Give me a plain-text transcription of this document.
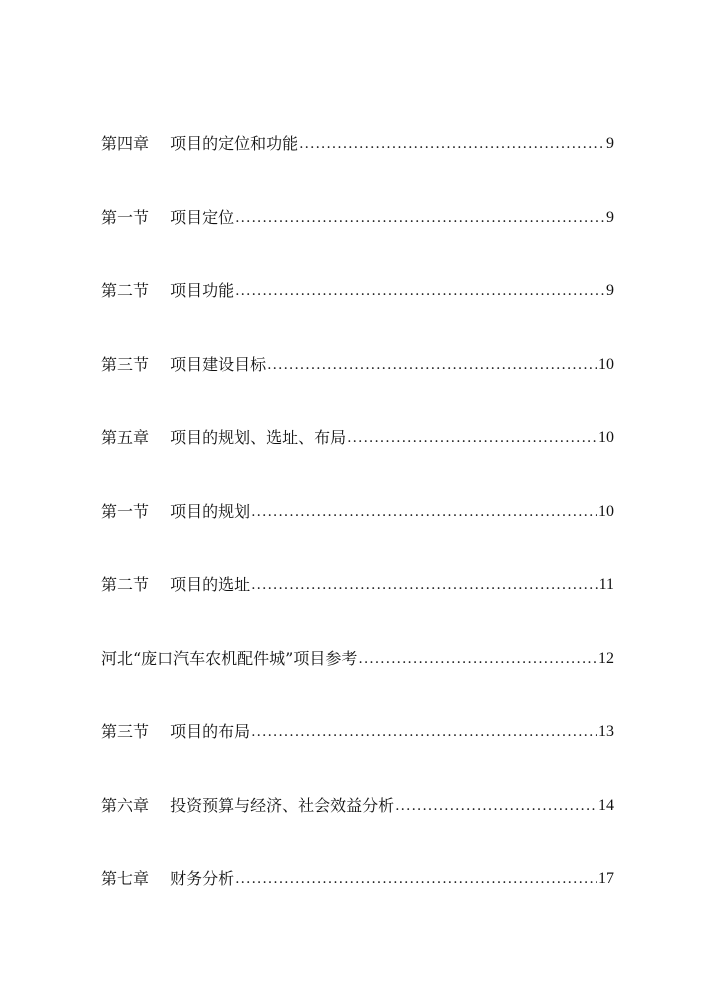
第四章　 项目的定位和功能 .....	9
第一节　 项目定位 .....	9
第二节　 项目功能 .....	9
第三节　 项目建设目标 .....	10
第五章　 项目的规划、选址、布局 .....	10
第一节　 项目的规划 .....	10
第二节　 项目的选址 .....	11
河北“庞口汽车农机配件城”项目参考 .....	12
第三节　 项目的布局 .....	13
第六章　 投资预算与经济、社会效益分析 .....	14
第七章　 财务分析 .....	17
